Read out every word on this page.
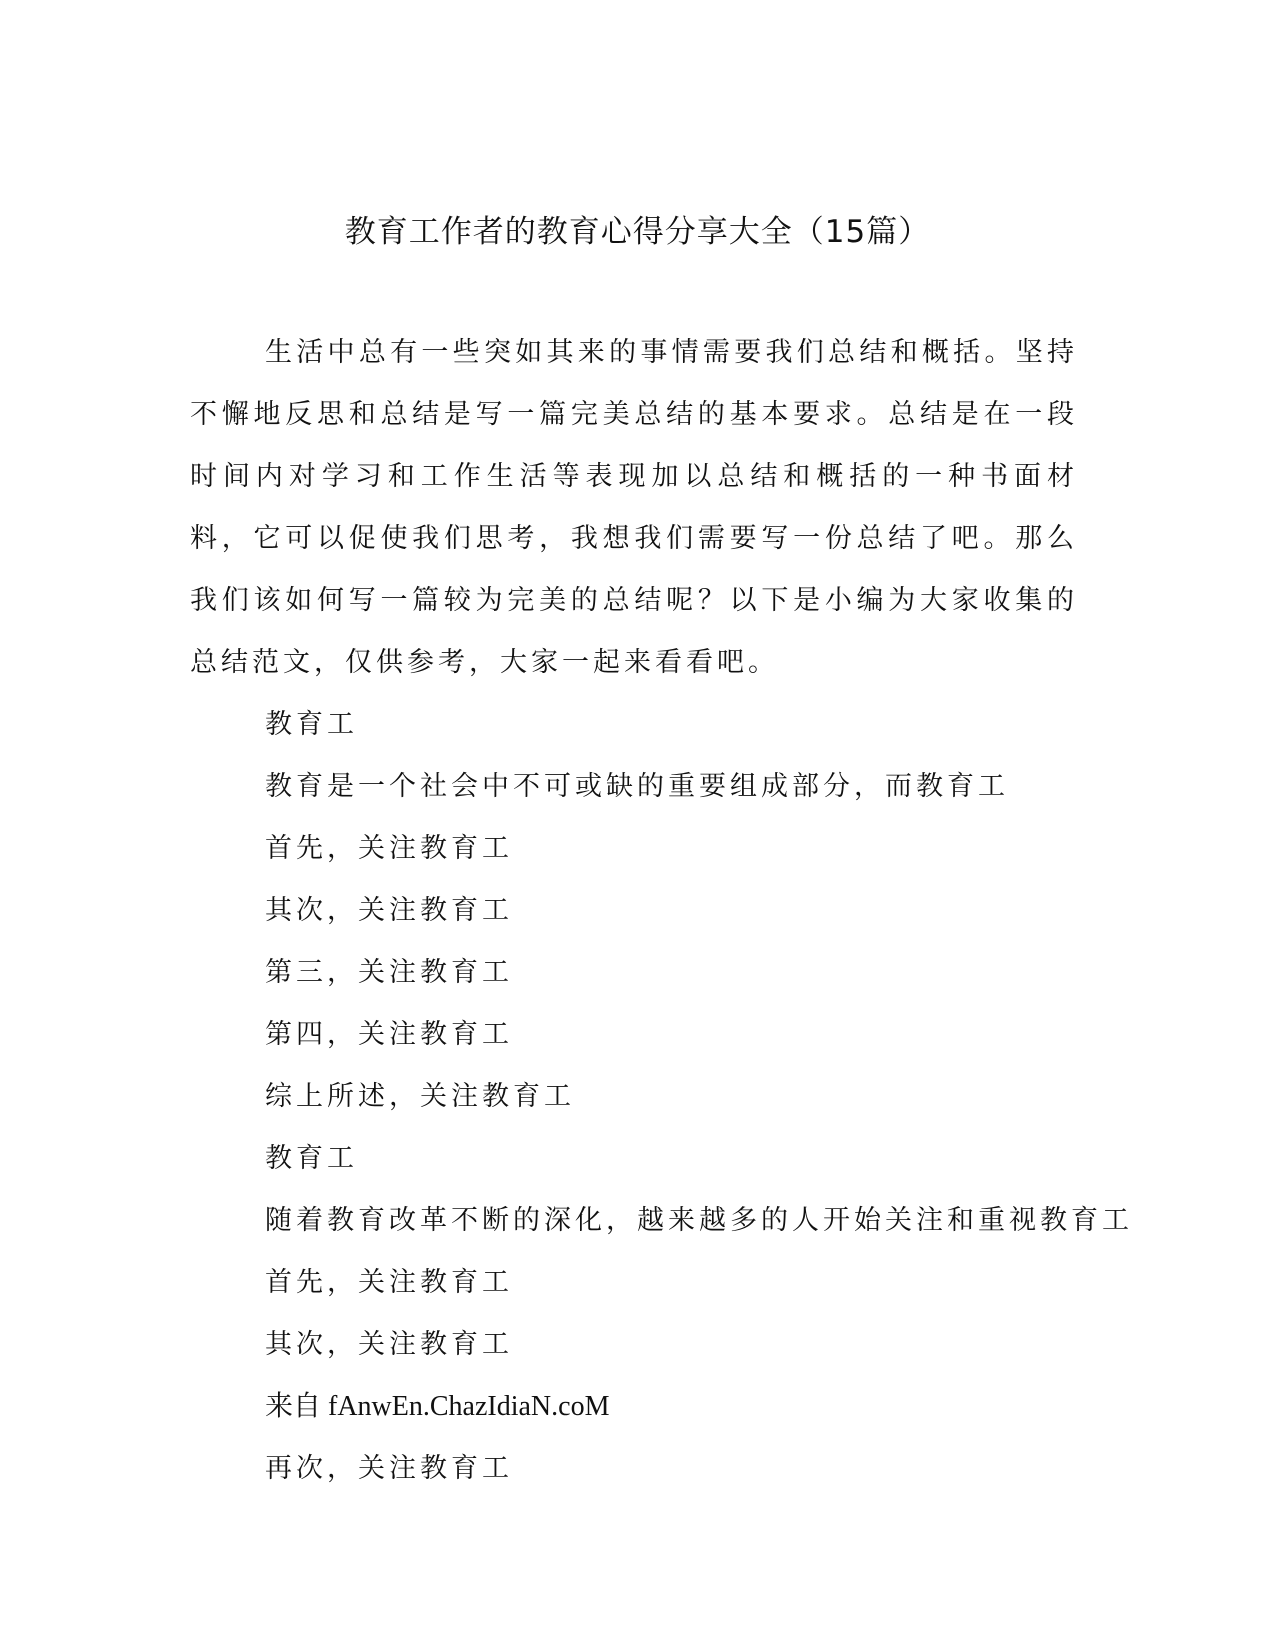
教育工作者的教育心得分享大全（15篇）

生活中总有一些突如其来的事情需要我们总结和概括。坚持不懈地反思和总结是写一篇完美总结的基本要求。总结是在一段时间内对学习和工作生活等表现加以总结和概括的一种书面材料，它可以促使我们思考，我想我们需要写一份总结了吧。那么我们该如何写一篇较为完美的总结呢？以下是小编为大家收集的总结范文，仅供参考，大家一起来看看吧。

教育工
教育是一个社会中不可或缺的重要组成部分，而教育工
首先，关注教育工
其次，关注教育工
第三，关注教育工
第四，关注教育工
综上所述，关注教育工
教育工
随着教育改革不断的深化，越来越多的人开始关注和重视教育工
首先，关注教育工
其次，关注教育工
来自 fAnwEn.ChazIdiaN.coM
再次，关注教育工
